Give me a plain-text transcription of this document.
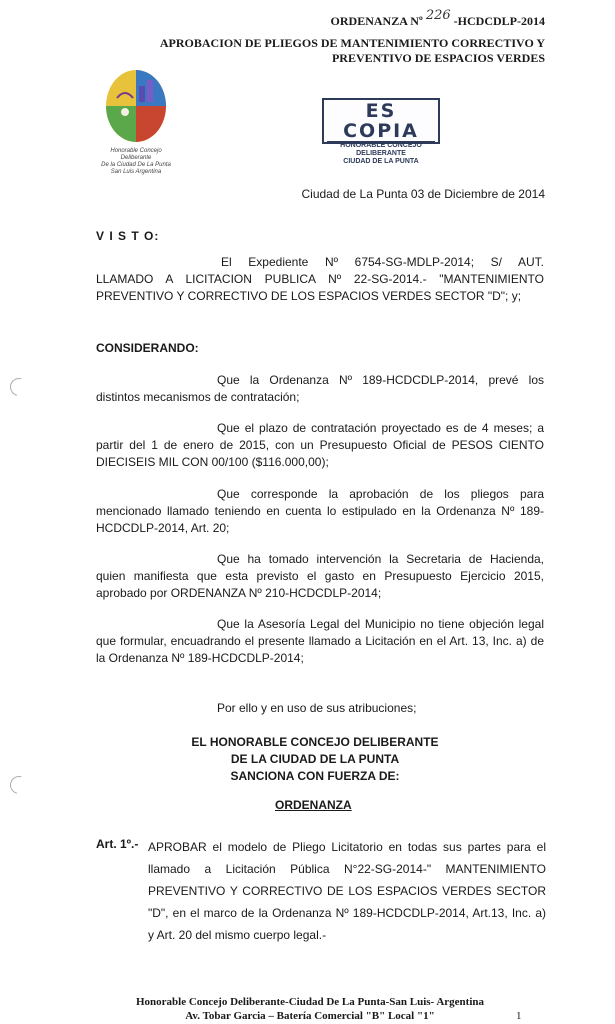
ORDENANZA Nº 226 -HCDCDLP-2014
APROBACION DE PLIEGOS DE MANTENIMIENTO CORRECTIVO Y
PREVENTIVO DE ESPACIOS VERDES
Honorable Concejo Deliberante
De la Ciudad De La Punta
San Luis Argentina
ES COPIA
HONORABLE CONCEJO DELIBERANTE
CIUDAD DE LA PUNTA
Ciudad de La Punta 03 de Diciembre de 2014
V I S T O:
El Expediente Nº 6754-SG-MDLP-2014; S/ AUT.
LLAMADO A LICITACION PUBLICA Nº 22-SG-2014.- "MANTENIMIENTO PREVENTIVO Y CORRECTIVO DE LOS ESPACIOS VERDES SECTOR "D"; y;
CONSIDERANDO:
Que la Ordenanza Nº 189-HCDCDLP-2014, prevé los
distintos mecanismos de contratación;
Que el plazo de contratación proyectado es de 4 meses; a
partir del 1 de enero de 2015, con un Presupuesto Oficial de PESOS CIENTO DIECISEIS MIL CON 00/100 ($116.000,00);
Que corresponde la aprobación de los pliegos para
mencionado llamado teniendo en cuenta lo estipulado en la Ordenanza Nº 189-HCDCDLP-2014, Art. 20;
Que ha tomado intervención la Secretaria de Hacienda,
quien manifiesta que esta previsto el gasto en Presupuesto Ejercicio 2015, aprobado por ORDENANZA Nº 210-HCDCDLP-2014;
Que la Asesoría Legal del Municipio no tiene objeción legal
que formular, encuadrando el presente llamado a Licitación en el Art. 13, Inc. a) de la Ordenanza Nº 189-HCDCDLP-2014;
Por ello y en uso de sus atribuciones;
EL HONORABLE CONCEJO DELIBERANTE
DE LA CIUDAD DE LA PUNTA
SANCIONA CON FUERZA DE:
ORDENANZA
Art. 1º.- APROBAR el modelo de Pliego Licitatorio en todas sus partes para el llamado a Licitación Pública N°22-SG-2014-" MANTENIMIENTO PREVENTIVO Y CORRECTIVO DE LOS ESPACIOS VERDES SECTOR "D", en el marco de la Ordenanza Nº 189-HCDCDLP-2014, Art.13, Inc. a) y Art. 20 del mismo cuerpo legal.-
Honorable Concejo Deliberante-Ciudad De La Punta-San Luis- Argentina
Av. Tobar Garcia – Batería Comercial "B" Local "1"	1
